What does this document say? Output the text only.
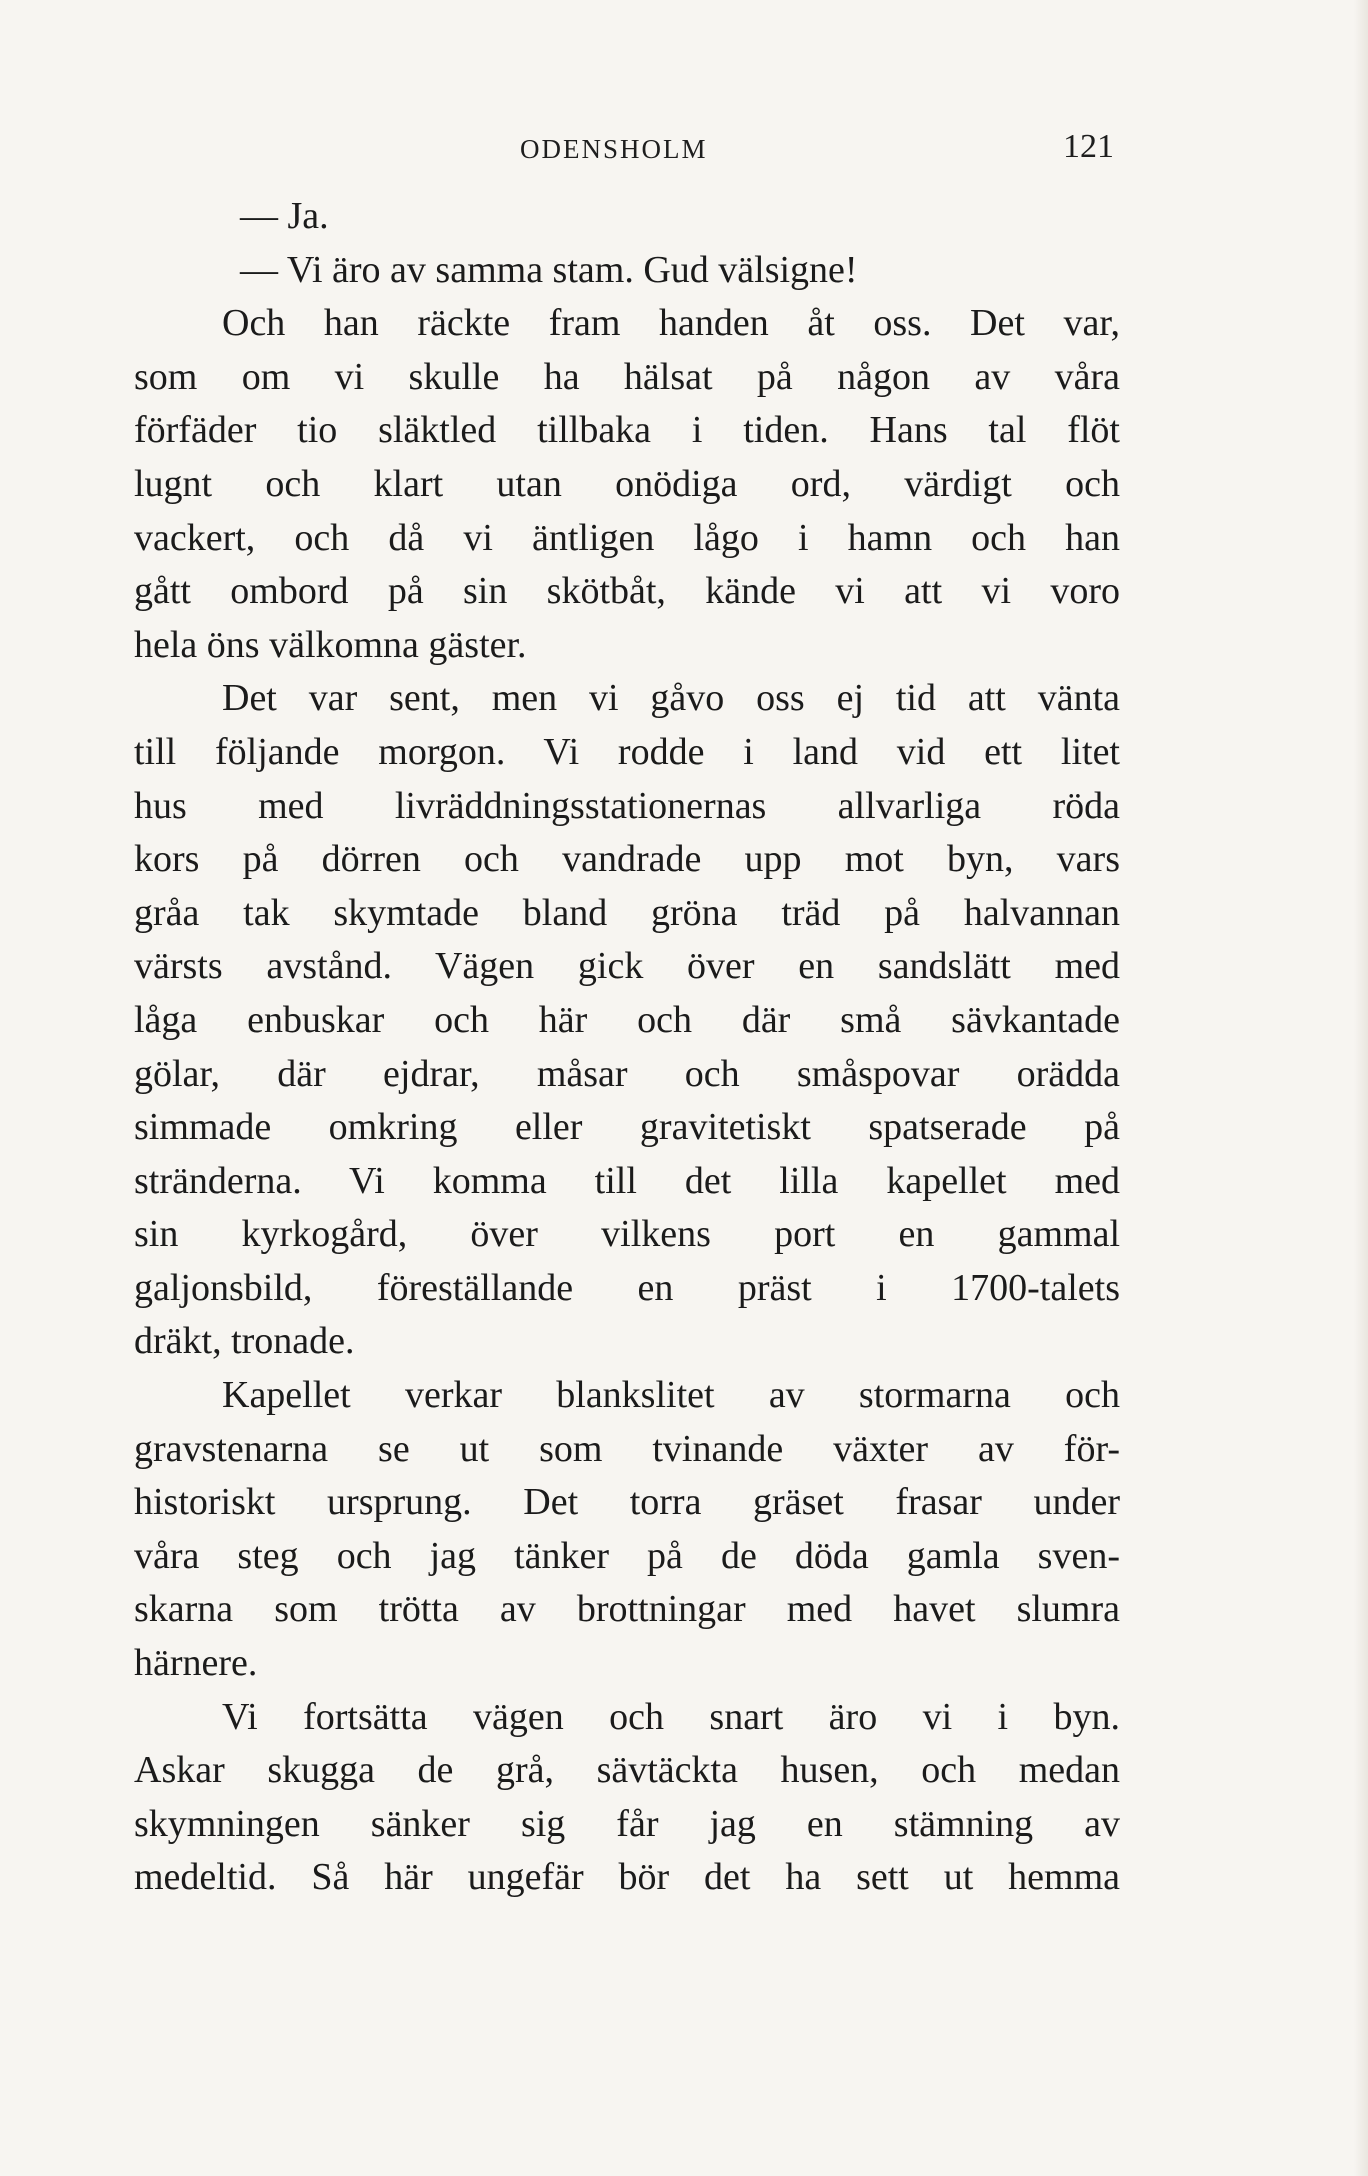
ODENSHOLM	121
— Ja.
— Vi äro av samma stam. Gud välsigne!
Och han räckte fram handen åt oss. Det var,
som om vi skulle ha hälsat på någon av våra
förfäder tio släktled tillbaka i tiden. Hans tal flöt
lugnt och klart utan onödiga ord, värdigt och
vackert, och då vi äntligen lågo i hamn och han
gått ombord på sin skötbåt, kände vi att vi voro
hela öns välkomna gäster.
Det var sent, men vi gåvo oss ej tid att vänta
till följande morgon. Vi rodde i land vid ett litet
hus med livräddningsstationernas allvarliga röda
kors på dörren och vandrade upp mot byn, vars
gråa tak skymtade bland gröna träd på halvannan
värsts avstånd. Vägen gick över en sandslätt med
låga enbuskar och här och där små sävkantade
gölar, där ejdrar, måsar och småspovar orädda
simmade omkring eller gravitetiskt spatserade på
stränderna. Vi komma till det lilla kapellet med
sin kyrkogård, över vilkens port en gammal
galjonsbild, föreställande en präst i 1700-talets
dräkt, tronade.
Kapellet verkar blankslitet av stormarna och
gravstenarna se ut som tvinande växter av för-
historiskt ursprung. Det torra gräset frasar under
våra steg och jag tänker på de döda gamla sven-
skarna som trötta av brottningar med havet slumra
härnere.
Vi fortsätta vägen och snart äro vi i byn.
Askar skugga de grå, sävtäckta husen, och medan
skymningen sänker sig får jag en stämning av
medeltid. Så här ungefär bör det ha sett ut hemma
